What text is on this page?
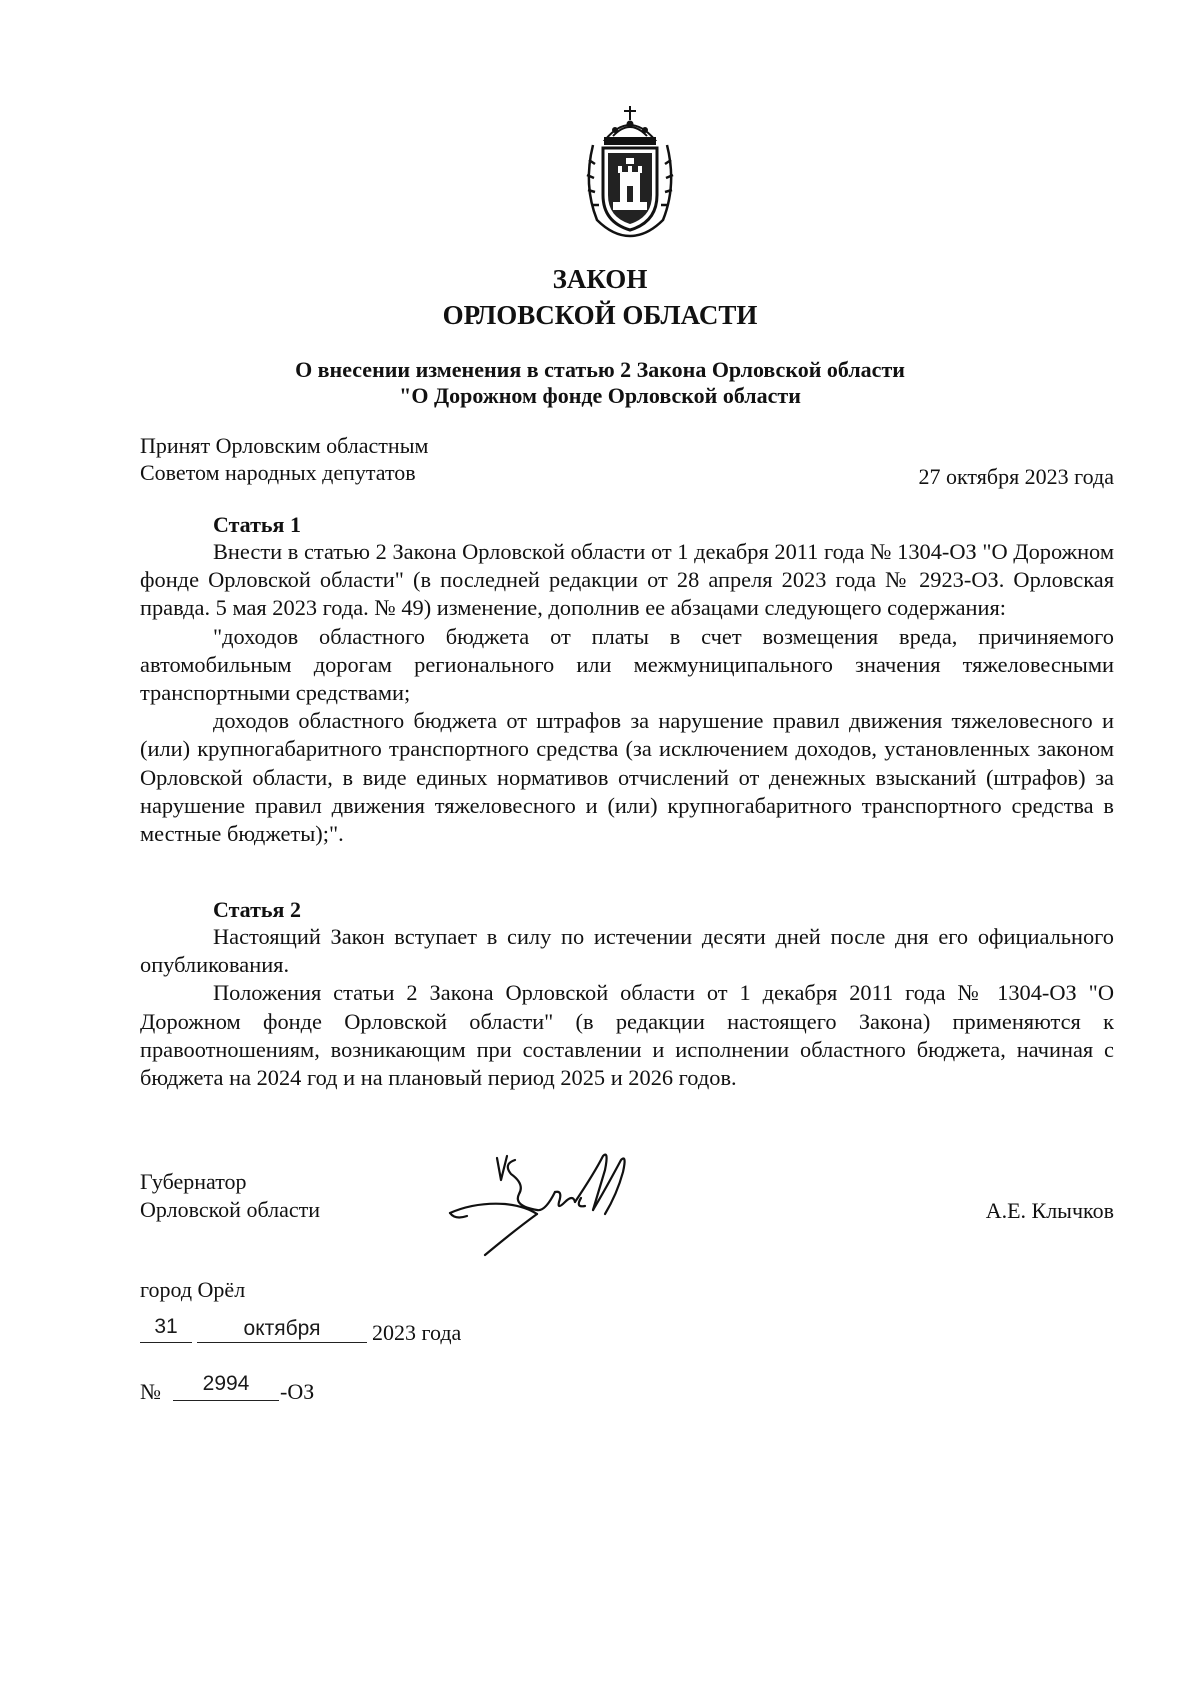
ЗАКОН
ОРЛОВСКОЙ ОБЛАСТИ
О внесении изменения в статью 2 Закона Орловской области
"О Дорожном фонде Орловской области
Принят Орловским областным
Советом народных депутатов	27 октября 2023 года
Статья 1

Внести в статью 2 Закона Орловской области от 1 декабря 2011 года № 1304-ОЗ "О Дорожном фонде Орловской области" (в последней редакции от 28 апреля 2023 года № 2923-ОЗ. Орловская правда. 5 мая 2023 года. № 49) изменение, дополнив ее абзацами следующего содержания:

"доходов областного бюджета от платы в счет возмещения вреда, причиняемого автомобильным дорогам регионального или межмуниципального значения тяжеловесными транспортными средствами;

доходов областного бюджета от штрафов за нарушение правил движения тяжеловесного и (или) крупногабаритного транспортного средства (за исключением доходов, установленных законом Орловской области, в виде единых нормативов отчислений от денежных взысканий (штрафов) за нарушение правил движения тяжеловесного и (или) крупногабаритного транспортного средства в местные бюджеты);".

Статья 2

Настоящий Закон вступает в силу по истечении десяти дней после дня его официального опубликования.

Положения статьи 2 Закона Орловской области от 1 декабря 2011 года № 1304-ОЗ "О Дорожном фонде Орловской области" (в редакции настоящего Закона) применяются к правоотношениям, возникающим при составлении и исполнении областного бюджета, начиная с бюджета на 2024 год и на плановый период 2025 и 2026 годов.

Губернатор
Орловской области	А.Е. Клычков
город Орёл
31	октября	2023 года
№	2994	-ОЗ
